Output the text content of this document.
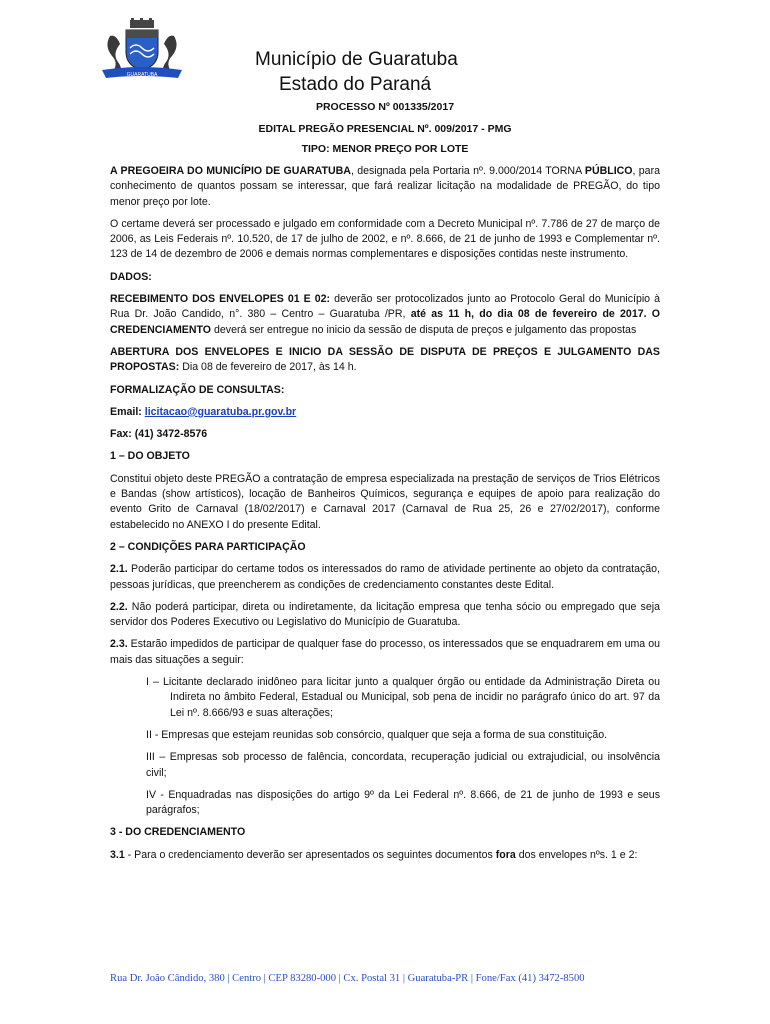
GUARATUBA
Município de Guaratuba
Estado do Paraná
PROCESSO Nº 001335/2017
EDITAL PREGÃO PRESENCIAL Nº. 009/2017 - PMG
TIPO: MENOR PREÇO POR LOTE

A PREGOEIRA DO MUNICÍPIO DE GUARATUBA, designada pela Portaria nº. 9.000/2014 TORNA PÚBLICO, para conhecimento de quantos possam se interessar, que fará realizar licitação na modalidade de PREGÃO, do tipo menor preço por lote.

O certame deverá ser processado e julgado em conformidade com a Decreto Municipal nº. 7.786 de 27 de março de 2006, as Leis Federais nº. 10.520, de 17 de julho de 2002, e nº. 8.666, de 21 de junho de 1993 e Complementar nº. 123 de 14 de dezembro de 2006 e demais normas complementares e disposições contidas neste instrumento.

DADOS:

RECEBIMENTO DOS ENVELOPES 01 E 02: deverão ser protocolizados junto ao Protocolo Geral do Município à Rua Dr. João Candido, n°. 380 – Centro – Guaratuba /PR, até as 11 h, do dia 08 de fevereiro de 2017. O CREDENCIAMENTO deverá ser entregue no inicio da sessão de disputa de preços e julgamento das propostas

ABERTURA DOS ENVELOPES E INICIO DA SESSÃO DE DISPUTA DE PREÇOS E JULGAMENTO DAS PROPOSTAS: Dia 08 de fevereiro de 2017, às 14 h.

FORMALIZAÇÃO DE CONSULTAS:

Email: licitacao@guaratuba.pr.gov.br

Fax: (41) 3472-8576

1 – DO OBJETO

Constitui objeto deste PREGÃO a contratação de empresa especializada na prestação de serviços de Trios Elétricos e Bandas (show artísticos), locação de Banheiros Químicos, segurança e equipes de apoio para realização do evento Grito de Carnaval (18/02/2017) e Carnaval 2017 (Carnaval de Rua 25, 26 e 27/02/2017), conforme estabelecido no ANEXO I do presente Edital.

2 – CONDIÇÕES PARA PARTICIPAÇÃO

2.1. Poderão participar do certame todos os interessados do ramo de atividade pertinente ao objeto da contratação, pessoas jurídicas, que preencherem as condições de credenciamento constantes deste Edital.

2.2. Não poderá participar, direta ou indiretamente, da licitação empresa que tenha sócio ou empregado que seja servidor dos Poderes Executivo ou Legislativo do Município de Guaratuba.

2.3. Estarão impedidos de participar de qualquer fase do processo, os interessados que se enquadrarem em uma ou mais das situações a seguir:

I – Licitante declarado inidôneo para licitar junto a qualquer órgão ou entidade da Administração Direta ou Indireta no âmbito Federal, Estadual ou Municipal, sob pena de incidir no parágrafo único do art. 97 da Lei nº. 8.666/93 e suas alterações;

II - Empresas que estejam reunidas sob consórcio, qualquer que seja a forma de sua constituição.

III – Empresas sob processo de falência, concordata, recuperação judicial ou extrajudicial, ou insolvência civil;

IV - Enquadradas nas disposições do artigo 9º da Lei Federal nº. 8.666, de 21 de junho de 1993 e seus parágrafos;

3 - DO CREDENCIAMENTO

3.1 - Para o credenciamento deverão ser apresentados os seguintes documentos fora dos envelopes nºs. 1 e 2:

Rua Dr. João Cândido, 380 | Centro | CEP 83280-000 | Cx. Postal 31 | Guaratuba-PR | Fone/Fax (41) 3472-8500
